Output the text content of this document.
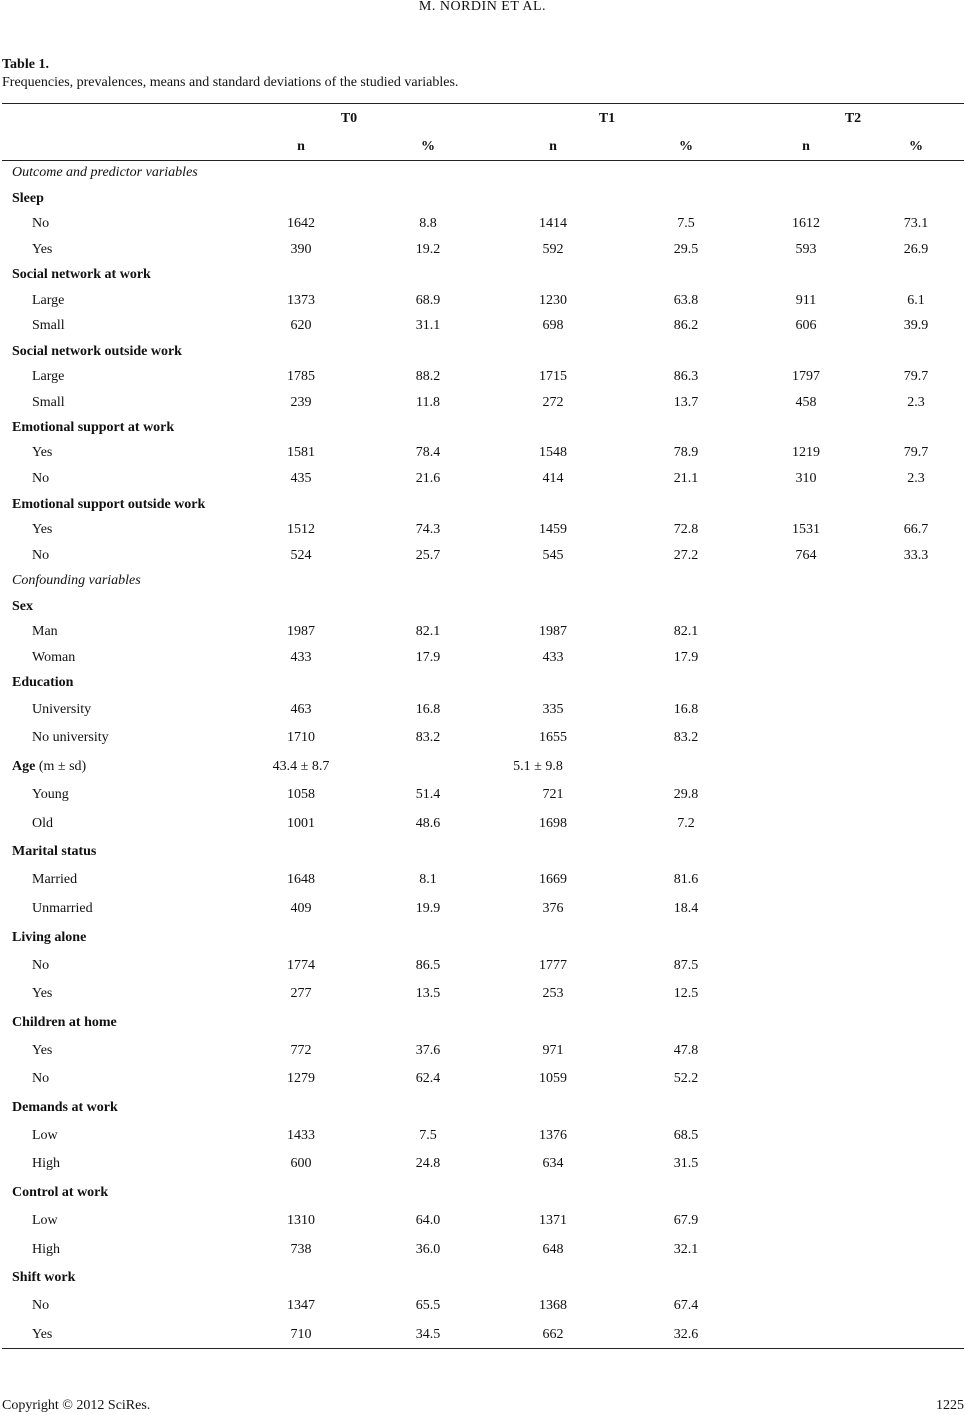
M. NORDIN ET AL.
Table 1.
Frequencies, prevalences, means and standard deviations of the studied variables.
T0	T1	T2
n	%	n	%	n	%
Outcome and predictor variables
Sleep
No	1642	8.8	1414	7.5	1612	73.1
Yes	390	19.2	592	29.5	593	26.9
Social network at work
Large	1373	68.9	1230	63.8	911	6.1
Small	620	31.1	698	86.2	606	39.9
Social network outside work
Large	1785	88.2	1715	86.3	1797	79.7
Small	239	11.8	272	13.7	458	2.3
Emotional support at work
Yes	1581	78.4	1548	78.9	1219	79.7
No	435	21.6	414	21.1	310	2.3
Emotional support outside work
Yes	1512	74.3	1459	72.8	1531	66.7
No	524	25.7	545	27.2	764	33.3
Confounding variables
Sex
Man	1987	82.1	1987	82.1
Woman	433	17.9	433	17.9
Education
University	463	16.8	335	16.8
No university	1710	83.2	1655	83.2
Age (m ± sd)	43.4 ± 8.7	5.1 ± 9.8
Young	1058	51.4	721	29.8
Old	1001	48.6	1698	7.2
Marital status
Married	1648	8.1	1669	81.6
Unmarried	409	19.9	376	18.4
Living alone
No	1774	86.5	1777	87.5
Yes	277	13.5	253	12.5
Children at home
Yes	772	37.6	971	47.8
No	1279	62.4	1059	52.2
Demands at work
Low	1433	7.5	1376	68.5
High	600	24.8	634	31.5
Control at work
Low	1310	64.0	1371	67.9
High	738	36.0	648	32.1
Shift work
No	1347	65.5	1368	67.4
Yes	710	34.5	662	32.6
Copyright © 2012 SciRes.	1225
